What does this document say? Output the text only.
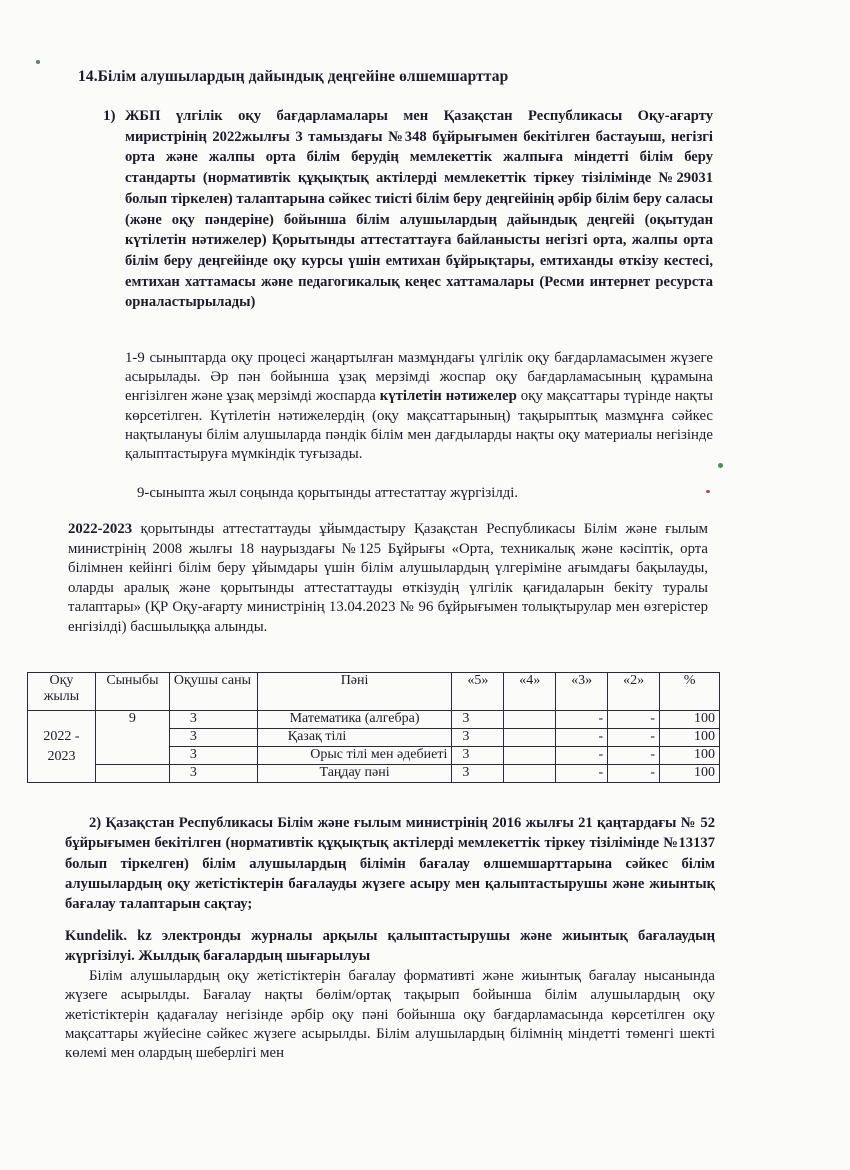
14.Білім алушылардың дайындық деңгейіне өлшемшарттар
1) ЖБП үлгілік оқу бағдарламалары мен Қазақстан Республикасы Оқу-ағарту миристрінің 2022жылғы 3 тамыздағы №348 бұйрығымен бекітілген бастауыш, негізгі орта және жалпы орта білім берудің мемлекеттік жалпыға міндетті білім беру стандарты (нормативтік құқықтық актілерді мемлекеттік тіркеу тізілімінде №29031 болып тіркелен) талаптарына сәйкес тиісті білім беру деңгейінің әрбір білім беру саласы (және оқу пәндеріне) бойынша білім алушылардың дайындық деңгейі (оқытудан күтілетін нәтижелер) Қорытынды аттестаттауға байланысты негізгі орта, жалпы орта білім беру деңгейінде оқу курсы үшін емтихан бұйрықтары, емтиханды өткізу кестесі, емтихан хаттамасы және педагогикалық кеңес хаттамалары (Ресми интернет ресурста орналастырылады)
1-9 сыныптарда оқу процесі жаңартылған мазмұндағы үлгілік оқу бағдарламасымен жүзеге асырылады. Әр пән бойынша ұзақ мерзімді жоспар оқу бағдарламасының құрамына енгізілген және ұзақ мерзімді жоспарда күтілетін нәтижелер оқу мақсаттары түрінде нақты көрсетілген. Күтілетін нәтижелердің (оқу мақсаттарының) тақырыптық мазмұнға сәйкес нақтылануы білім алушыларда пәндік білім мен дағдыларды нақты оқу материалы негізінде қалыптастыруға мүмкіндік туғызады.
9-сыныпта жыл соңында қорытынды аттестаттау жүргізілді.
2022-2023 қорытынды аттестаттауды ұйымдастыру Қазақстан Республикасы Білім және ғылым министрінің 2008 жылғы 18 наурыздағы №125 Бұйрығы «Орта, техникалық және кәсіптік, орта білімнен кейінгі білім беру ұйымдары үшін білім алушылардың үлгеріміне ағымдағы бақылауды, оларды аралық және қорытынды аттестаттауды өткізудің үлгілік қағидаларын бекіту туралы талаптары» (ҚР Оқу-ағарту министрінің 13.04.2023 № 96 бұйрығымен толықтырулар мен өзгерістер енгізілді) басшылыққа алынды.
Оқу жылы	Сыныбы	Оқушы саны	Пәні	«5»	«4»	«3»	«2»	%
2022 - 2023	9	3	Математика (алгебра)	3		-	-	100
		3	Қазақ тілі	3		-	-	100
		3	Орыс тілі мен әдебиеті	3		-	-	100
		3	Таңдау пәні	3		-	-	100
2) Қазақстан Республикасы Білім және ғылым министрінің 2016 жылғы 21 қаңтардағы № 52 бұйрығымен бекітілген (нормативтік құқықтық актілерді мемлекеттік тіркеу тізілімінде №13137 болып тіркелген) білім алушылардың білімін бағалау өлшемшарттарына сәйкес білім алушылардың оқу жетістіктерін бағалауды жүзеге асыру мен қалыптастырушы және жиынтық бағалау талаптарын сақтау;
Kundelik. kz электронды журналы арқылы қалыптастырушы және жиынтық бағалаудың жүргізілуі. Жылдық бағалардың шығарылуы
Білім алушылардың оқу жетістіктерін бағалау формативті және жиынтық бағалау нысанында жүзеге асырылды. Бағалау нақты бөлім/ортақ тақырып бойынша білім алушылардың оқу жетістіктерін қадағалау негізінде әрбір оқу пәні бойынша оқу бағдарламасында көрсетілген оқу мақсаттары жүйесіне сәйкес жүзеге асырылды. Білім алушылардың білімнің міндетті төменгі шекті көлемі мен олардың шеберлігі мен
